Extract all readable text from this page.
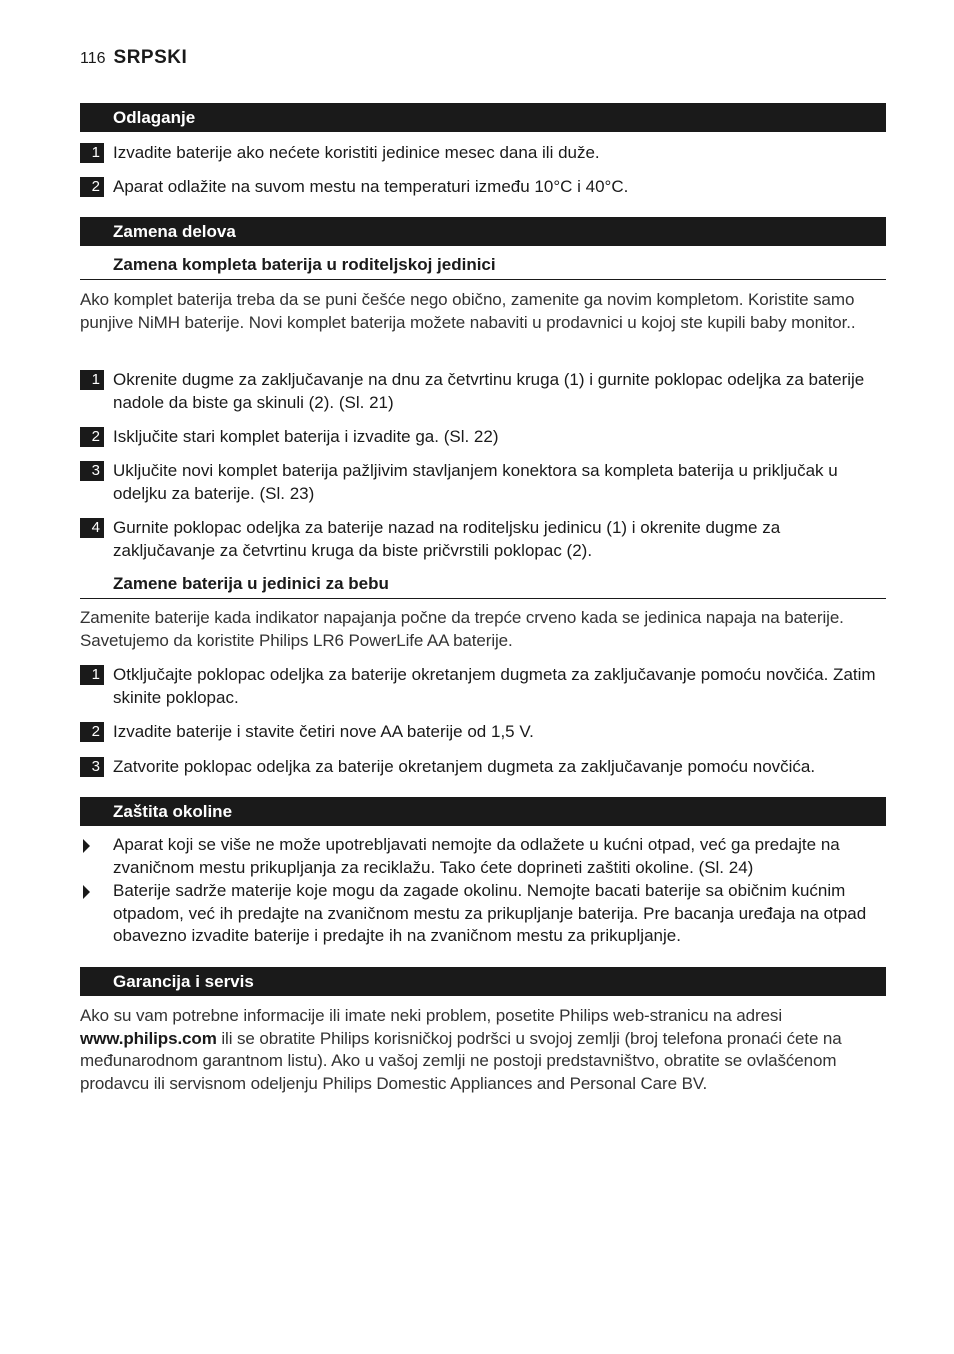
116 SRPSKI
Odlaganje
1 Izvadite baterije ako nećete koristiti jedinice mesec dana ili duže.
2 Aparat odlažite na suvom mestu na temperaturi između 10°C i 40°C.
Zamena delova
Zamena kompleta baterija u roditeljskoj jedinici
Ako komplet baterija treba da se puni češće nego obično, zamenite ga novim kompletom. Koristite samo punjive NiMH baterije. Novi komplet baterija možete nabaviti u prodavnici u kojoj ste kupili baby monitor..
1 Okrenite dugme za zaključavanje na dnu za četvrtinu kruga (1) i gurnite poklopac odeljka za baterije nadole da biste ga skinuli (2). (Sl. 21)
2 Isključite stari komplet baterija i izvadite ga. (Sl. 22)
3 Uključite novi komplet baterija pažljivim stavljanjem konektora sa kompleta baterija u priključak u odeljku za baterije. (Sl. 23)
4 Gurnite poklopac odeljka za baterije nazad na roditeljsku jedinicu (1) i okrenite dugme za zaključavanje za četvrtinu kruga da biste pričvrstili poklopac (2).
Zamene baterija u jedinici za bebu
Zamenite baterije kada indikator napajanja počne da trepće crveno kada se jedinica napaja na baterije. Savetujemo da koristite Philips LR6 PowerLife AA baterije.
1 Otključajte poklopac odeljka za baterije okretanjem dugmeta za zaključavanje pomoću novčića. Zatim skinite poklopac.
2 Izvadite baterije i stavite četiri nove AA baterije od 1,5 V.
3 Zatvorite poklopac odeljka za baterije okretanjem dugmeta za zaključavanje pomoću novčića.
Zaštita okoline
Aparat koji se više ne može upotrebljavati nemojte da odlažete u kućni otpad, već ga predajte na zvaničnom mestu prikupljanja za reciklažu. Tako ćete doprineti zaštiti okoline. (Sl. 24)
Baterije sadrže materije koje mogu da zagade okolinu. Nemojte bacati baterije sa običnim kućnim otpadom, već ih predajte na zvaničnom mestu za prikupljanje baterija. Pre bacanja uređaja na otpad obavezno izvadite baterije i predajte ih na zvaničnom mestu za prikupljanje.
Garancija i servis
Ako su vam potrebne informacije ili imate neki problem, posetite Philips web-stranicu na adresi www.philips.com ili se obratite Philips korisničkoj podršci u svojoj zemlji (broj telefona pronaći ćete na međunarodnom garantnom listu). Ako u vašoj zemlji ne postoji predstavništvo, obratite se ovlašćenom prodavcu ili servisnom odeljenju Philips Domestic Appliances and Personal Care BV.
